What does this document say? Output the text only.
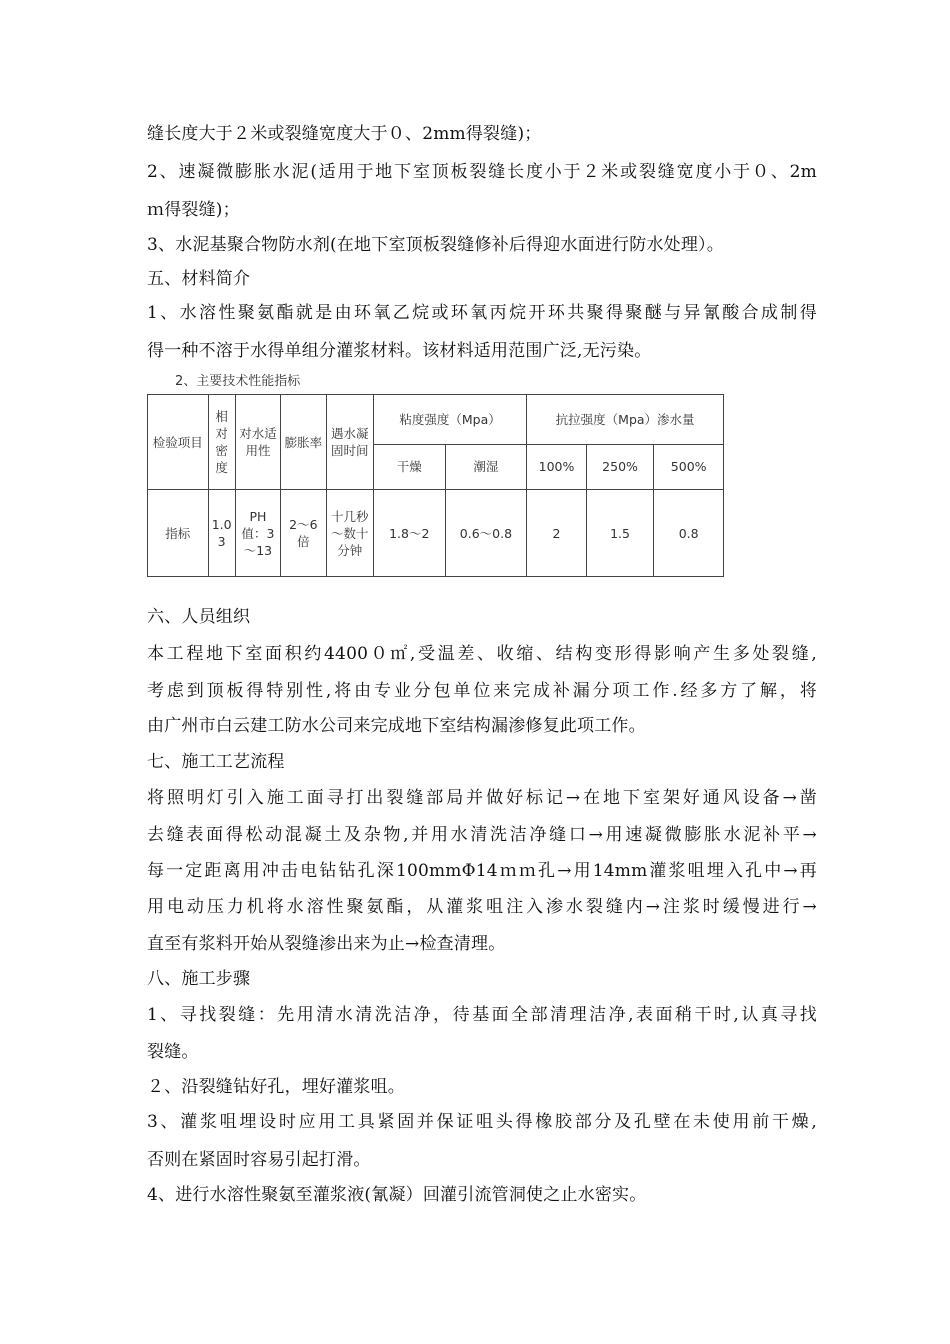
缝长度大于２米或裂缝宽度大于０、2mm得裂缝)；
2、速凝微膨胀水泥(适用于地下室顶板裂缝长度小于２米或裂缝宽度小于０、2m
ｍ得裂缝)；
3、水泥基聚合物防水剂(在地下室顶板裂缝修补后得迎水面进行防水处理）。
五、材料简介
1、水溶性聚氨酯就是由环氧乙烷或环氧丙烷开环共聚得聚醚与异氰酸合成制得
得一种不溶于水得单组分灌浆材料。该材料适用范围广泛,无污染。
2、主要技术性能指标
检验项目	相对密度	对水适用性	膨胀率	遇水凝固时间	粘度强度（Mpa）		抗拉强度（Mpa）渗水量		
					干燥	潮湿	100%	250%	500%
指标	1.03	PH值：3～13	2～6倍	十几秒～数十分钟	1.8～2	0.6～0.8	2	1.5	0.8
六、人员组织
本工程地下室面积约4400０㎡,受温差、收缩、结构变形得影响产生多处裂缝,
考虑到顶板得特别性,将由专业分包单位来完成补漏分项工作.经多方了解，将
由广州市白云建工防水公司来完成地下室结构漏渗修复此项工作。
七、施工工艺流程
将照明灯引入施工面寻打出裂缝部局并做好标记→在地下室架好通风设备→凿
去缝表面得松动混凝土及杂物,并用水清洗洁净缝口→用速凝微膨胀水泥补平→
每一定距离用冲击电钻钻孔深100mmΦ14ｍｍ孔→用14mm灌浆咀埋入孔中→再
用电动压力机将水溶性聚氨酯，从灌浆咀注入渗水裂缝内→注浆时缓慢进行→
直至有浆料开始从裂缝渗出来为止→检查清理。
八、施工步骤
1、寻找裂缝：先用清水清洗洁净，待基面全部清理洁净,表面稍干时,认真寻找
裂缝。
２、沿裂缝钻好孔，埋好灌浆咀。
3、灌浆咀埋设时应用工具紧固并保证咀头得橡胶部分及孔壁在未使用前干燥,
否则在紧固时容易引起打滑。
4、进行水溶性聚氨至灌浆液(氰凝）回灌引流管洞使之止水密实。
